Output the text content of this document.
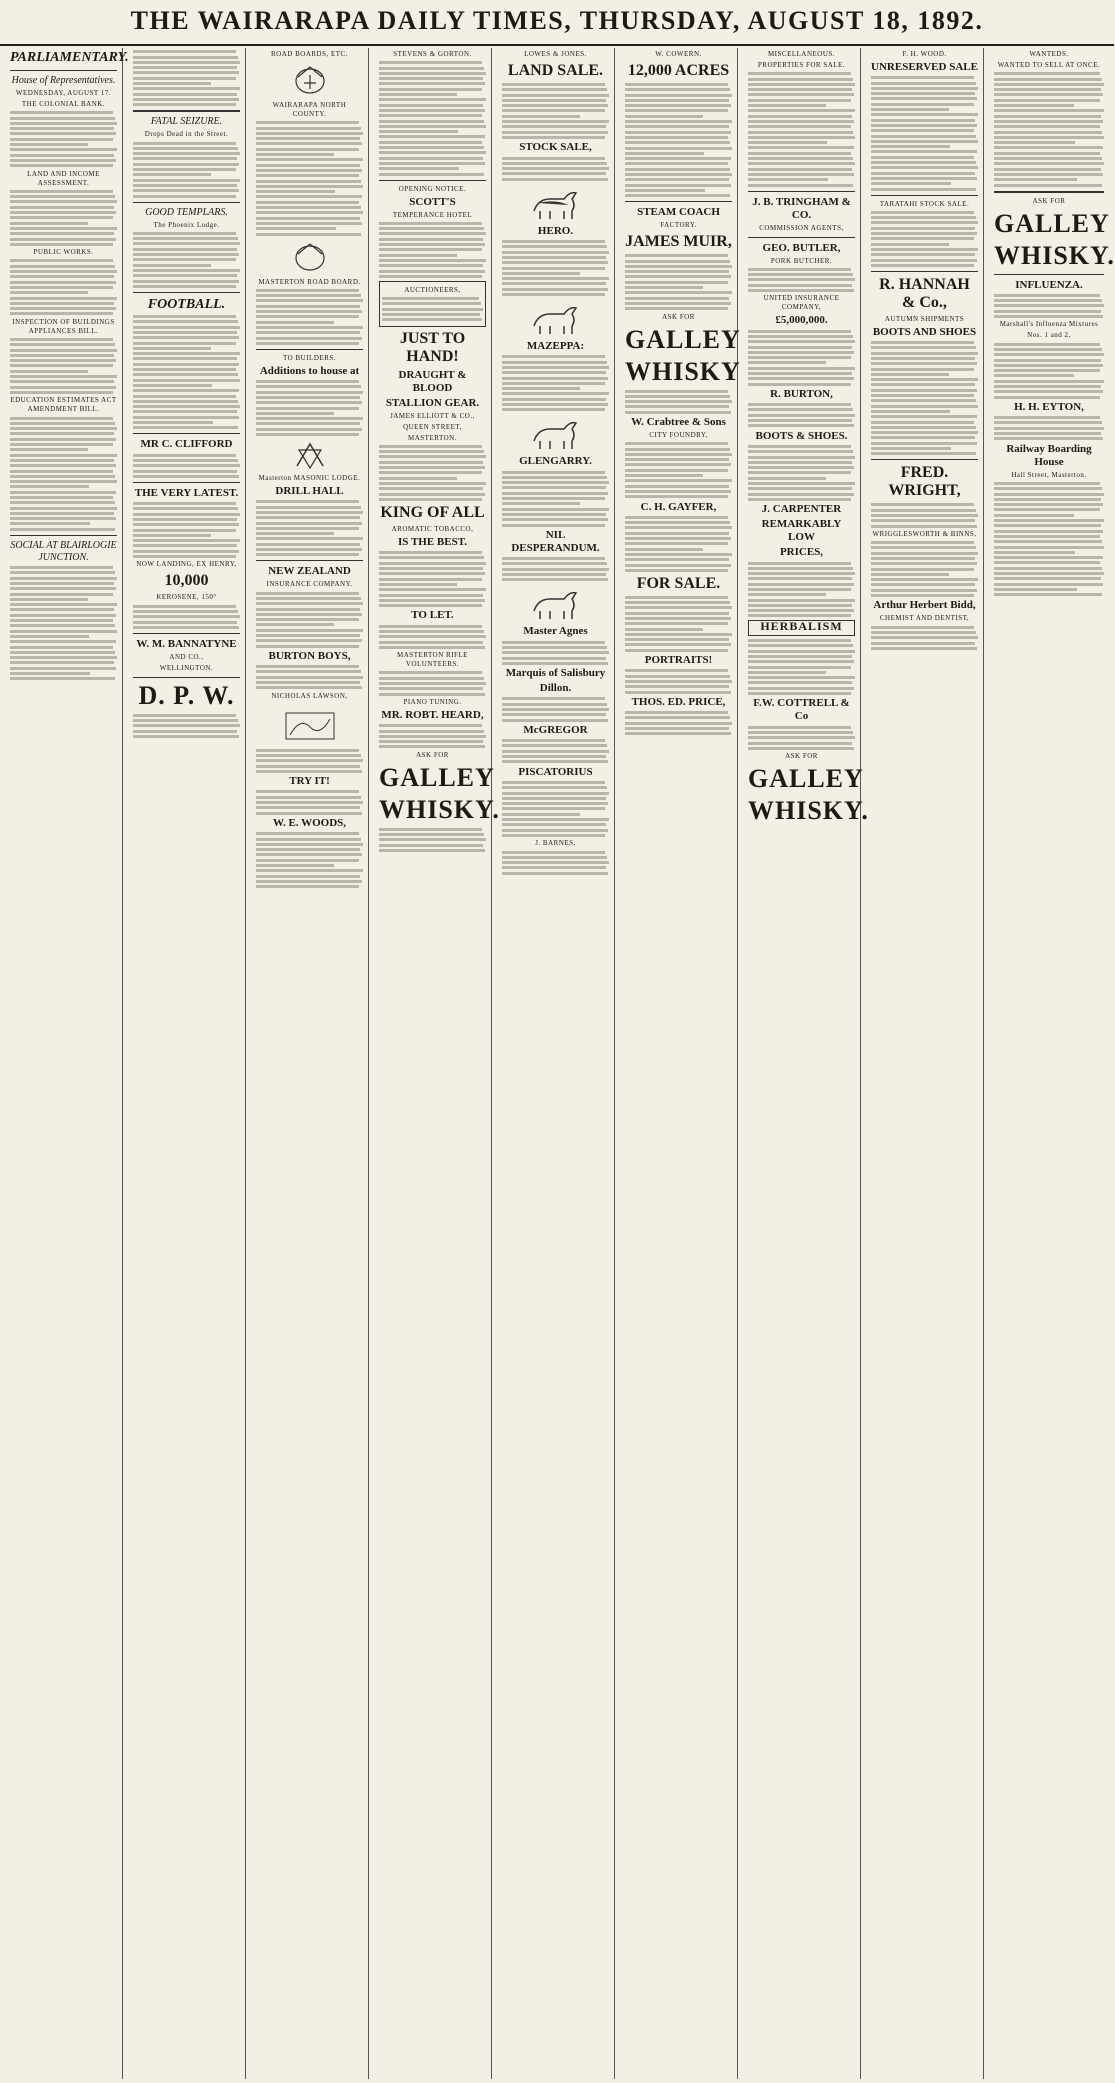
THE WAIRARAPA DAILY TIMES, THURSDAY, AUGUST 18, 1892.
PARLIAMENTARY.
House of Representatives.
WEDNESDAY, AUGUST 17.
THE COLONIAL BANK.
LAND AND INCOME ASSESSMENT.
PUBLIC WORKS.
INSPECTION OF BUILDINGS APPLIANCES BILL.
EDUCATION ESTIMATES ACT AMENDMENT BILL.
SOCIAL AT BLAIRLOGIE JUNCTION.
FATAL SEIZURE.
Drops Dead in the Street.
GOOD TEMPLARS.
The Phoenix Lodge.
FOOTBALL.
MR C. CLIFFORD
THE VERY LATEST.
NOW LANDING, EX HENRY,
10,000
KEROSENE, 150°
W. M. BANNATYNE
AND CO.,
WELLINGTON.
D. P. W.
ROAD BOARDS, ETC.
WAIRARAPA NORTH COUNTY.
MASTERTON ROAD BOARD.
TO BUILDERS.
Additions to house at
Masterton MASONIC LODGE.
DRILL HALL
NEW ZEALAND
INSURANCE COMPANY.
BURTON BOYS,
NICHOLAS LAWSON,
TRY IT!
W. E. WOODS,
STEVENS & GORTON.
OPENING NOTICE.
SCOTT'S
TEMPERANCE HOTEL
AUCTIONEERS,
JUST TO HAND!
DRAUGHT & BLOOD
STALLION GEAR.
JAMES ELLIOTT & CO.,
QUEEN STREET,
MASTERTON.
KING OF ALL
AROMATIC TOBACCO,
IS THE BEST.
TO LET.
MASTERTON RIFLE VOLUNTEERS.
PIANO TUNING.
MR. ROBT. HEARD,
ASK FOR
GALLEY
WHISKY.
LOWES & JONES.
LAND SALE.
STOCK SALE,
HERO.
MAZEPPA:
GLENGARRY.
NIL DESPERANDUM.
Master Agnes
Marquis of Salisbury
Dillon.
McGREGOR
PISCATORIUS
J. BARNES,
W. COWERN.
12,000 ACRES
STEAM COACH
FACTORY.
JAMES MUIR,
ASK FOR
GALLEY
WHISKY
W. Crabtree & Sons
CITY FOUNDRY,
C. H. GAYFER,
FOR SALE.
PORTRAITS!
THOS. ED. PRICE,
MISCELLANEOUS.
PROPERTIES FOR SALE.
J. B. TRINGHAM & CO.
COMMISSION AGENTS,
GEO. BUTLER,
PORK BUTCHER.
UNITED INSURANCE COMPANY,
£5,000,000.
R. BURTON,
BOOTS & SHOES.
J. CARPENTER
REMARKABLY LOW
PRICES,
HERBALISM
F.W. COTTRELL & Co
ASK FOR
GALLEY
WHISKY.
F. H. WOOD.
UNRESERVED SALE
TARATAHI STOCK SALE.
R. HANNAH & Co.,
AUTUMN SHIPMENTS
BOOTS AND SHOES
FRED. WRIGHT,
WRIGGLESWORTH & BINNS,
Arthur Herbert Bidd,
CHEMIST AND DENTIST,
WANTEDS.
WANTED TO SELL AT ONCE.
ASK FOR
GALLEY
WHISKY.
INFLUENZA.
Marshall's Influenza Mixtures
Nos. 1 and 2,
H. H. EYTON,
Railway Boarding House
Hall Street, Masterton.
